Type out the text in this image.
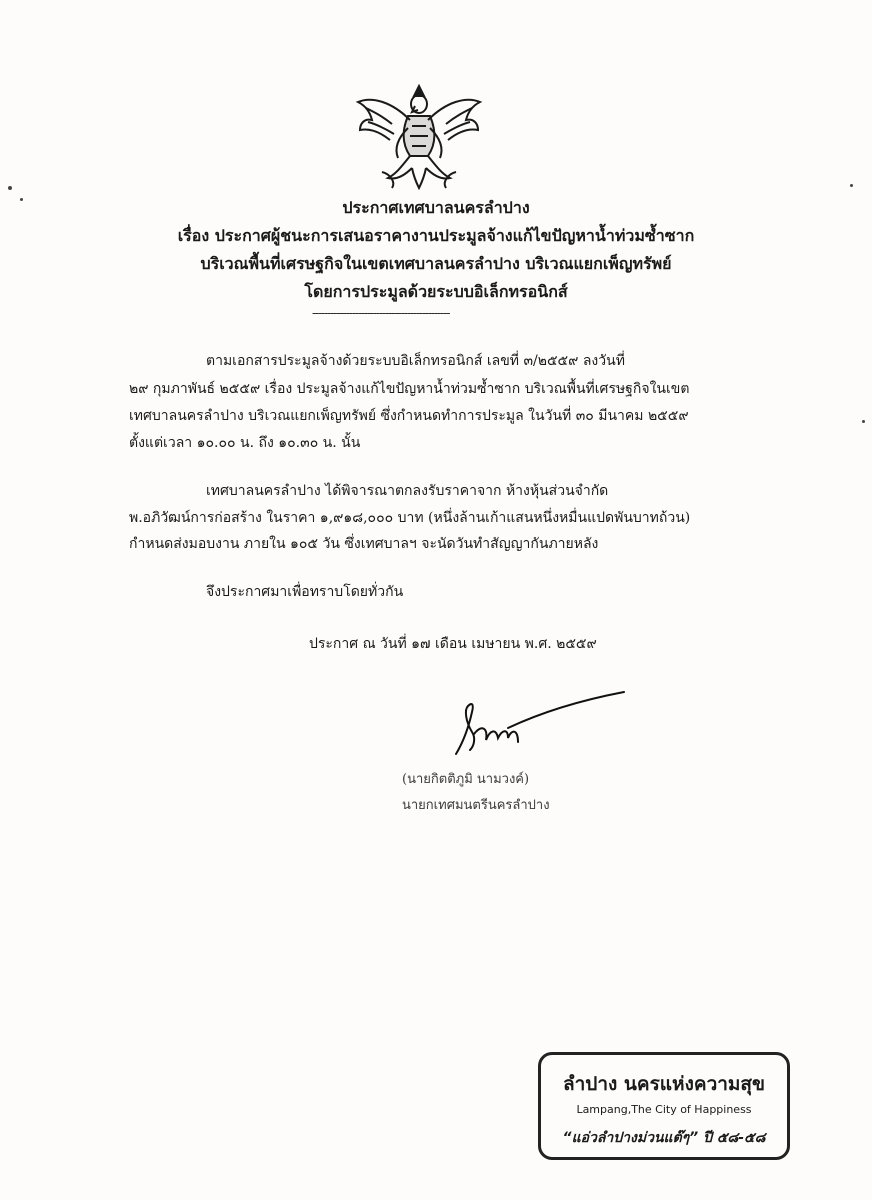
ประกาศเทศบาลนครลำปาง
เรื่อง ประกาศผู้ชนะการเสนอราคางานประมูลจ้างแก้ไขปัญหาน้ำท่วมซ้ำซาก
บริเวณพื้นที่เศรษฐกิจในเขตเทศบาลนครลำปาง บริเวณแยกเพ็ญทรัพย์
โดยการประมูลด้วยระบบอิเล็กทรอนิกส์
---------------------------------------------
ตามเอกสารประมูลจ้างด้วยระบบอิเล็กทรอนิกส์ เลขที่ ๓/๒๕๕๙ ลงวันที่
๒๙ กุมภาพันธ์ ๒๕๕๙ เรื่อง ประมูลจ้างแก้ไขปัญหาน้ำท่วมซ้ำซาก บริเวณพื้นที่เศรษฐกิจในเขต
เทศบาลนครลำปาง บริเวณแยกเพ็ญทรัพย์ ซึ่งกำหนดทำการประมูล ในวันที่ ๓๐ มีนาคม ๒๕๕๙
ตั้งแต่เวลา ๑๐.๐๐ น. ถึง ๑๐.๓๐ น. นั้น
เทศบาลนครลำปาง ได้พิจารณาตกลงรับราคาจาก ห้างหุ้นส่วนจำกัด
พ.อภิวัฒน์การก่อสร้าง ในราคา ๑,๙๑๘,๐๐๐ บาท (หนึ่งล้านเก้าแสนหนึ่งหมื่นแปดพันบาทถ้วน)
กำหนดส่งมอบงาน ภายใน ๑๐๕ วัน ซึ่งเทศบาลฯ จะนัดวันทำสัญญากันภายหลัง
จึงประกาศมาเพื่อทราบโดยทั่วกัน
ประกาศ ณ วันที่ ๑๗ เดือน เมษายน พ.ศ. ๒๕๕๙
(นายกิตติภูมิ นามวงค์)
นายกเทศมนตรีนครลำปาง
ลำปาง นครแห่งความสุข
Lampang,The City of Happiness
“แอ่วลำปางม่วนแต๊ๆ” ปี ๕๘-๕๘
